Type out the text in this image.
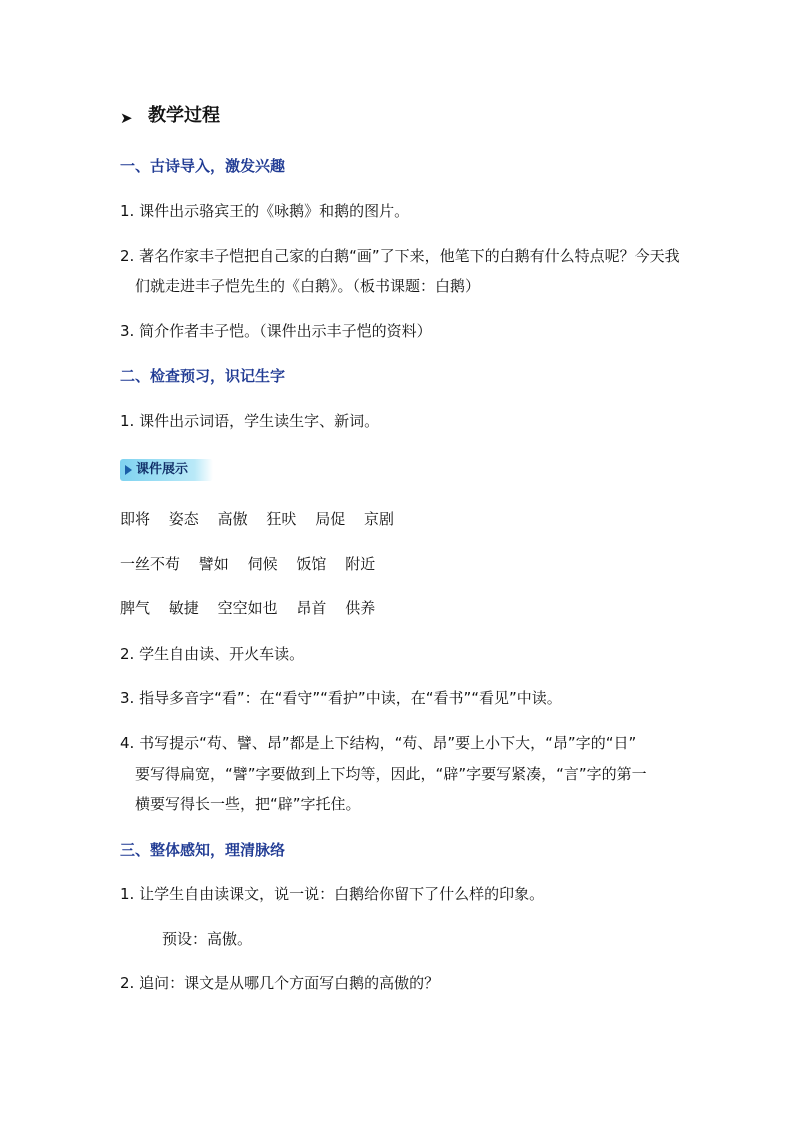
➤ 教学过程
一、古诗导入，激发兴趣
1. 课件出示骆宾王的《咏鹅》和鹅的图片。
2. 著名作家丰子恺把自己家的白鹅“画”了下来，他笔下的白鹅有什么特点呢？今天我
们就走进丰子恺先生的《白鹅》。（板书课题：白鹅）
3. 简介作者丰子恺。（课件出示丰子恺的资料）
二、检查预习，识记生字
1. 课件出示词语，学生读生字、新词。
课件展示
即将 姿态 高傲 狂吠 局促 京剧
一丝不苟 譬如 伺候 饭馆 附近
脾气 敏捷 空空如也 昂首 供养
2. 学生自由读、开火车读。
3. 指导多音字“看”：在“看守”“看护”中读，在“看书”“看见”中读。
4. 书写提示“苟、譬、昂”都是上下结构，“苟、昂”要上小下大，“昂”字的“日”
要写得扁宽，“譬”字要做到上下均等，因此，“辟”字要写紧凑，“言”字的第一
横要写得长一些，把“辟”字托住。
三、整体感知，理清脉络
1. 让学生自由读课文，说一说：白鹅给你留下了什么样的印象。
预设：高傲。
2. 追问：课文是从哪几个方面写白鹅的高傲的？
